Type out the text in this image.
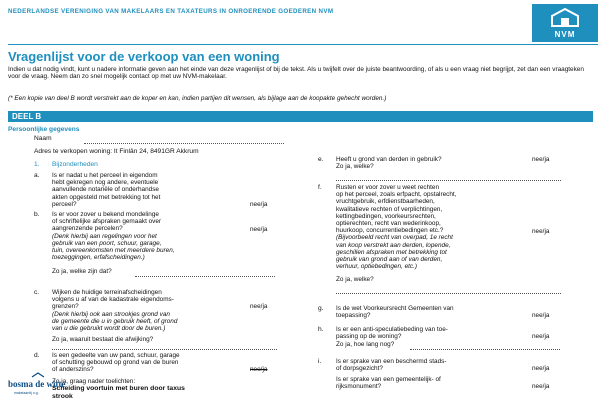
NEDERLANDSE VERENIGING VAN MAKELAARS EN TAXATEURS IN ONROERENDE GOEDEREN NVM
NVM
Vragenlijst voor de verkoop van een woning
Indien u dat nodig vindt, kunt u nadere informatie geven aan het einde van deze vragenlijst of bij de tekst. Als u twijfelt over de juiste beantwoording, of als u een vraag niet begrijpt, zet dan een vraagteken voor de vraag. Neem dan zo snel mogelijk contact op met uw NVM-makelaar.
(* Een kopie van deel B wordt verstrekt aan de koper en kan, indien partijen dit wensen, als bijlage aan de koopakte gehecht worden.)
DEEL B
Persoonlijke gegevens
Naam
Adres te verkopen woning: It Finlân 24, 8491GR Akkrum
1. Bijzonderheden
a. Is er nadat u het perceel in eigendom
hebt gekregen nog andere, eventuele
aanvullende notariële of onderhandse
akten opgesteld met betrekking tot het
perceel?	nee/ja
b. Is er voor zover u bekend mondelinge
of schriftelijke afspraken gemaakt over
aangrenzende percelen?
(Denk hierbij aan regelingen voor het
gebruik van een poort, schuur, garage,
tuin, overeenkomsten met meerdere buren,
toezeggingen, erfafscheidingen.)
nee/ja
Zo ja, welke zijn dat?
c. Wijken de huidige terreinafscheidingen
volgens u af van de kadastrale eigendoms-
grenzen?
(Denk hierbij ook aan strookjes grond van
de gemeente die u in gebruik heeft, of grond
van u die gebruikt wordt door de buren.)
nee/ja
Zo ja, waaruit bestaat die afwijking?
d. Is een gedeelte van uw pand, schuur, garage
of schutting gebouwd op grond van de buren
of anderszins?	nee/ja
Zo ja, graag nader toelichten:
Scheiding voortuin met buren door taxus
strook
e. Heeft u grond van derden in gebruik?	nee/ja
Zo ja, welke?
f. Rusten er voor zover u weet rechten
op het perceel, zoals erfpacht, opstalrecht,
vruchtgebruik, erfdienstbaarheden,
kwalitatieve rechten of verplichtingen,
kettingbedingen, voorkeursrechten,
optierechten, recht van wederinkoop,
huurkoop, concurrentiebedingen etc.?
(Bijvoorbeeld recht van overpad, 1e recht
van koop verstrekt aan derden, lopende,
geschillen afspraken met betrekking tot
gebruik van grond aan of van derden,
verhuur, optiebedingen, etc.)
nee/ja
Zo ja, welke?
g. Is de wet Voorkeursrecht Gemeenten van
toepassing?	nee/ja
h. Is er een anti-speculatiebeding van toe-
passing op de woning?	nee/ja
Zo ja, hoe lang nog?
i. Is er sprake van een beschermd stads-
of dorpsgezicht?	nee/ja
Is er sprake van een gemeentelijk- of
rijksmonument?	nee/ja
bosma de witte
makelaardij o.g.
